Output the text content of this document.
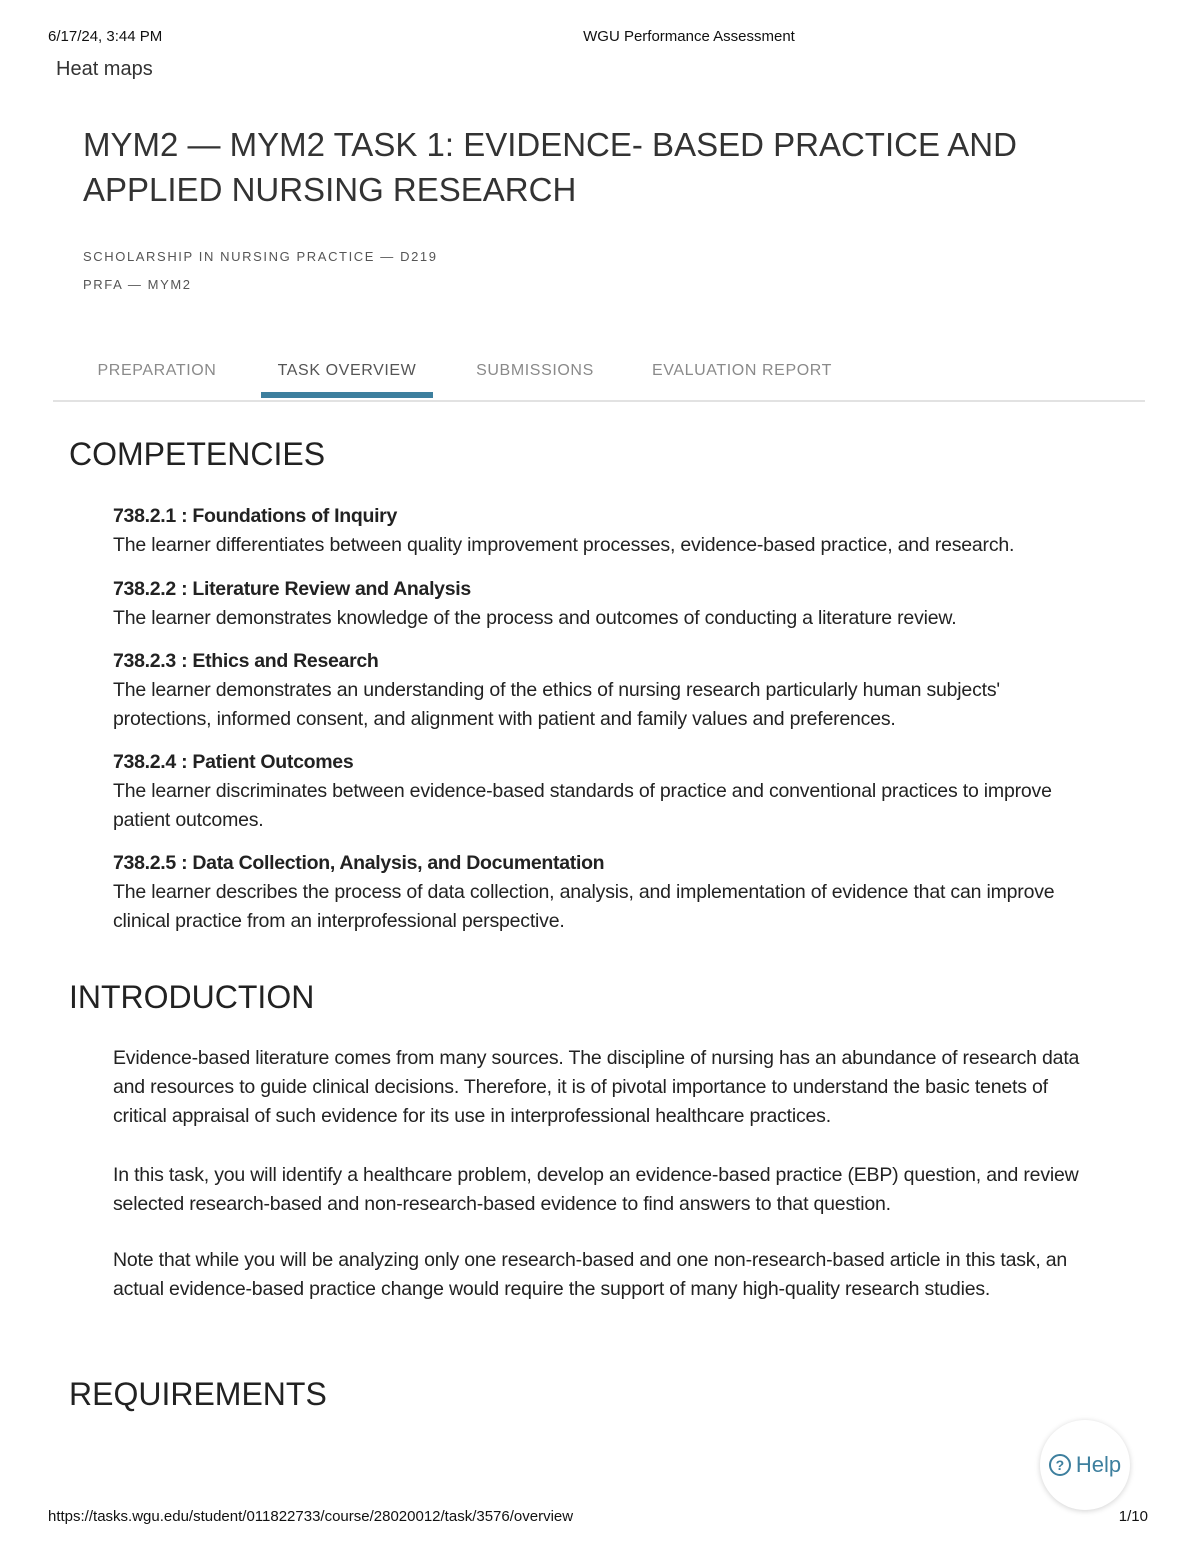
6/17/24, 3:44 PM	WGU Performance Assessment
Heat maps
MYM2 — MYM2 TASK 1: EVIDENCE- BASED PRACTICE AND APPLIED NURSING RESEARCH
SCHOLARSHIP IN NURSING PRACTICE — D219
PRFA — MYM2
PREPARATION	TASK OVERVIEW	SUBMISSIONS	EVALUATION REPORT
COMPETENCIES
738.2.1 : Foundations of Inquiry
The learner differentiates between quality improvement processes, evidence-based practice, and research.
738.2.2 : Literature Review and Analysis
The learner demonstrates knowledge of the process and outcomes of conducting a literature review.
738.2.3 : Ethics and Research
The learner demonstrates an understanding of the ethics of nursing research particularly human subjects' protections, informed consent, and alignment with patient and family values and preferences.
738.2.4 : Patient Outcomes
The learner discriminates between evidence-based standards of practice and conventional practices to improve patient outcomes.
738.2.5 : Data Collection, Analysis, and Documentation
The learner describes the process of data collection, analysis, and implementation of evidence that can improve clinical practice from an interprofessional perspective.
INTRODUCTION

Evidence-based literature comes from many sources. The discipline of nursing has an abundance of research data and resources to guide clinical decisions. Therefore, it is of pivotal importance to understand the basic tenets of critical appraisal of such evidence for its use in interprofessional healthcare practices.

In this task, you will identify a healthcare problem, develop an evidence-based practice (EBP) question, and review selected research-based and non-research-based evidence to find answers to that question.

Note that while you will be analyzing only one research-based and one non-research-based article in this task, an actual evidence-based practice change would require the support of many high-quality research studies.

REQUIREMENTS
? Help
https://tasks.wgu.edu/student/011822733/course/28020012/task/3576/overview	1/10
